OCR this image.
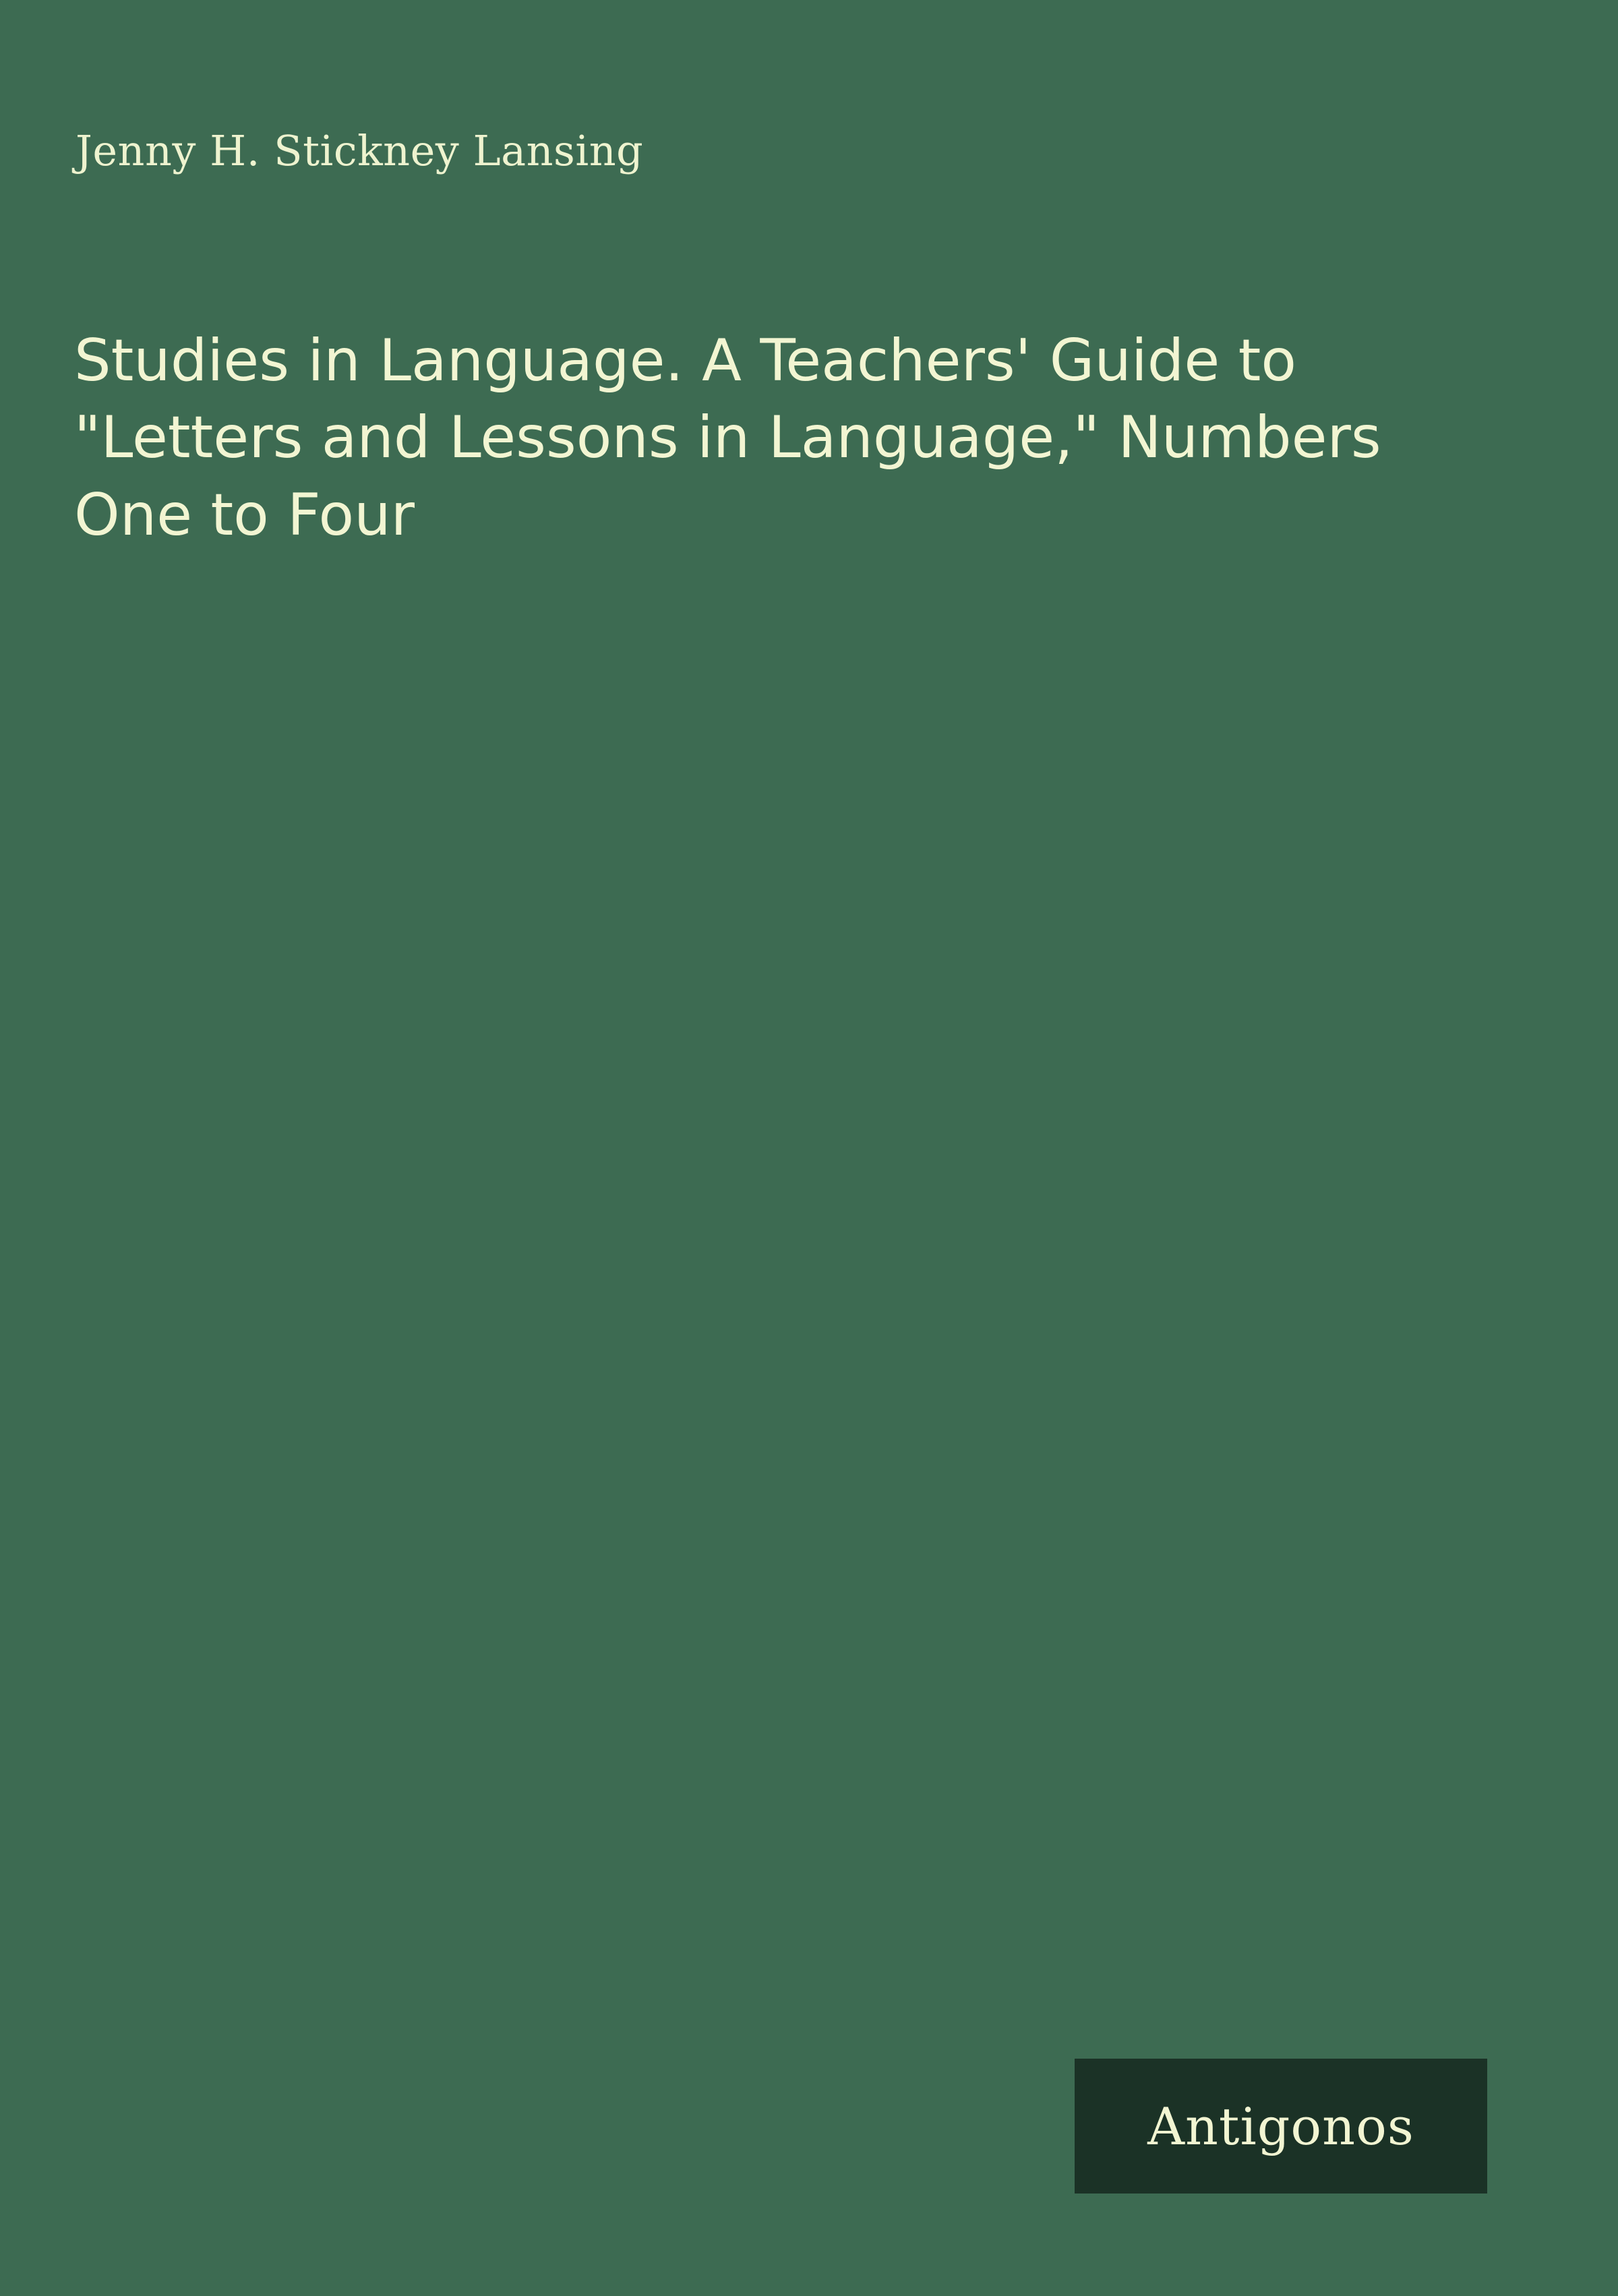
Jenny H. Stickney Lansing
Studies in Language. A Teachers' Guide to "Letters and Lessons in Language," Numbers One to Four
Antigonos
